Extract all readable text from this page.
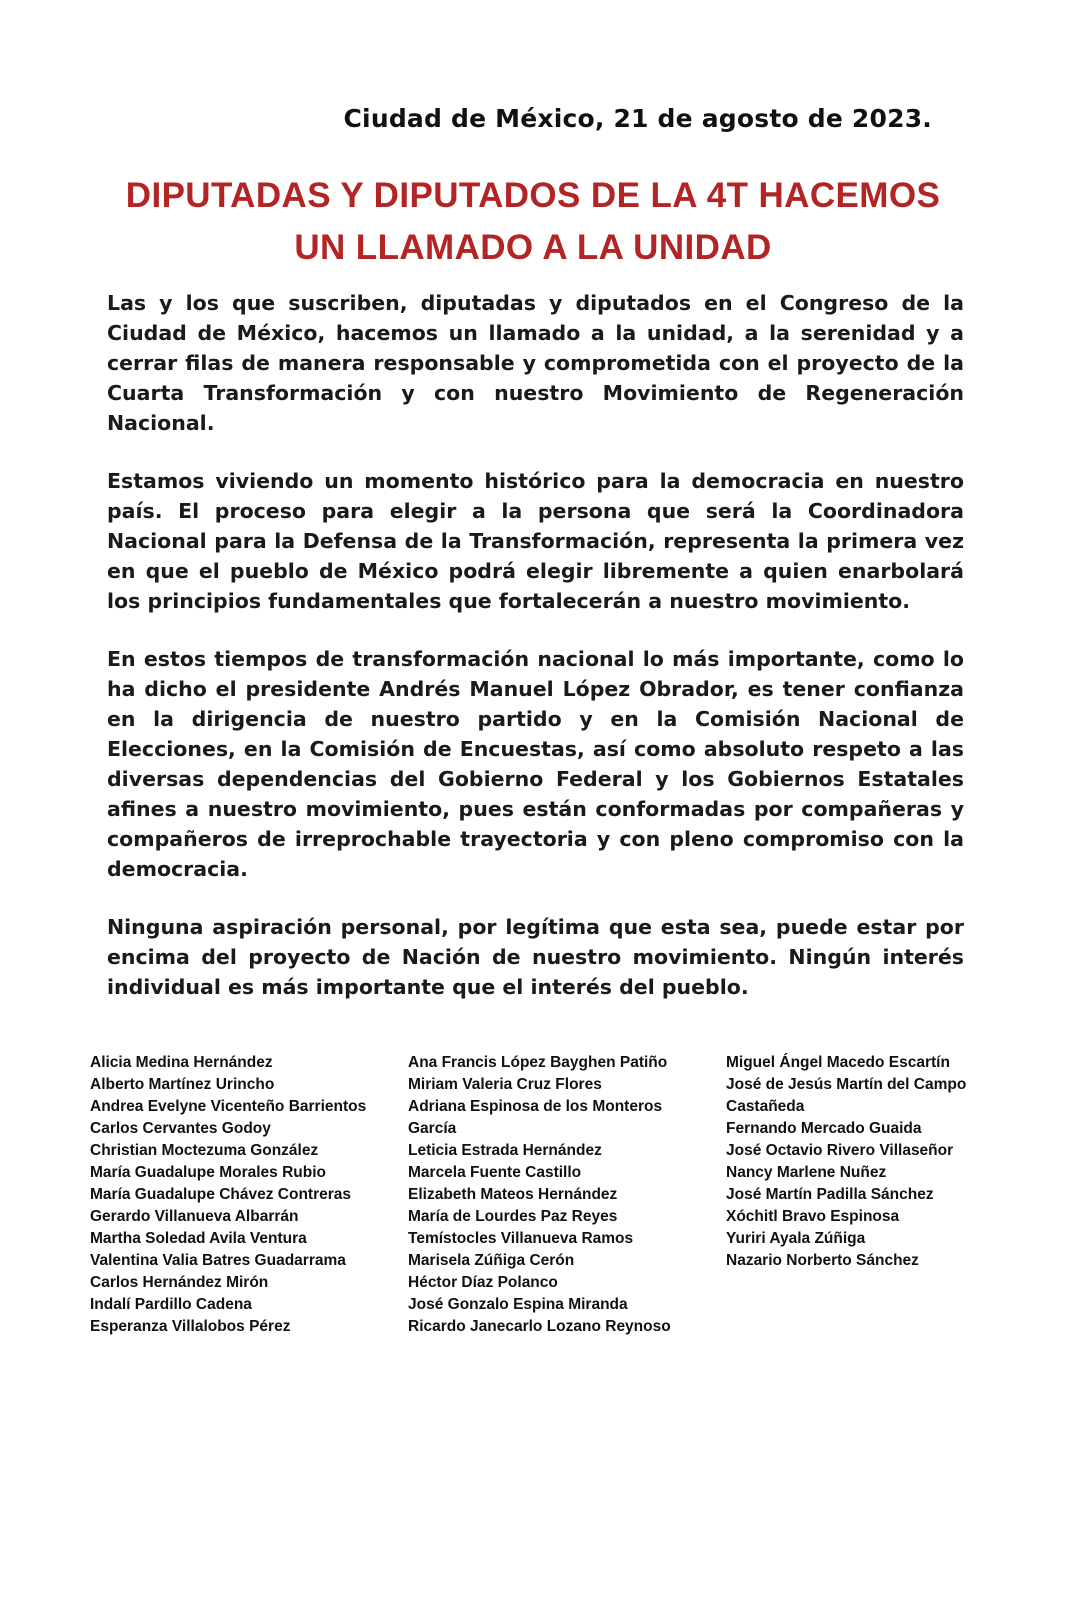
Ciudad de México, 21 de agosto de 2023.
DIPUTADAS Y DIPUTADOS DE LA 4T HACEMOS
UN LLAMADO A LA UNIDAD

Las y los que suscriben, diputadas y diputados en el Congreso de la Ciudad de México, hacemos un llamado a la unidad, a la serenidad y a cerrar filas de manera responsable y comprometida con el proyecto de la Cuarta Transformación y con nuestro Movimiento de Regeneración Nacional.

Estamos viviendo un momento histórico para la democracia en nuestro país. El proceso para elegir a la persona que será la Coordinadora Nacional para la Defensa de la Transformación, representa la primera vez en que el pueblo de México podrá elegir libremente a quien enarbolará los principios fundamentales que fortalecerán a nuestro movimiento.

En estos tiempos de transformación nacional lo más importante, como lo ha dicho el presidente Andrés Manuel López Obrador, es tener confianza en la dirigencia de nuestro partido y en la Comisión Nacional de Elecciones, en la Comisión de Encuestas, así como absoluto respeto a las diversas dependencias del Gobierno Federal y los Gobiernos Estatales afines a nuestro movimiento, pues están conformadas por compañeras y compañeros de irreprochable trayectoria y con pleno compromiso con la democracia.

Ninguna aspiración personal, por legítima que esta sea, puede estar por encima del proyecto de Nación de nuestro movimiento. Ningún interés individual es más importante que el interés del pueblo.

Alicia Medina Hernández
Alberto Martínez Urincho
Andrea Evelyne Vicenteño Barrientos
Carlos Cervantes Godoy
Christian Moctezuma González
María Guadalupe Morales Rubio
María Guadalupe Chávez Contreras
Gerardo Villanueva Albarrán
Martha Soledad Avila Ventura
Valentina Valia Batres Guadarrama
Carlos Hernández Mirón
Indalí Pardillo Cadena
Esperanza Villalobos Pérez
Ana Francis López Bayghen Patiño
Miriam Valeria Cruz Flores
Adriana Espinosa de los Monteros
García
Leticia Estrada Hernández
Marcela Fuente Castillo
Elizabeth Mateos Hernández
María de Lourdes Paz Reyes
Temístocles Villanueva Ramos
Marisela Zúñiga Cerón
Héctor Díaz Polanco
José Gonzalo Espina Miranda
Ricardo Janecarlo Lozano Reynoso
Miguel Ángel Macedo Escartín
José de Jesús Martín del Campo
Castañeda
Fernando Mercado Guaida
José Octavio Rivero Villaseñor
Nancy Marlene Nuñez
José Martín Padilla Sánchez
Xóchitl Bravo Espinosa
Yuriri Ayala Zúñiga
Nazario Norberto Sánchez
